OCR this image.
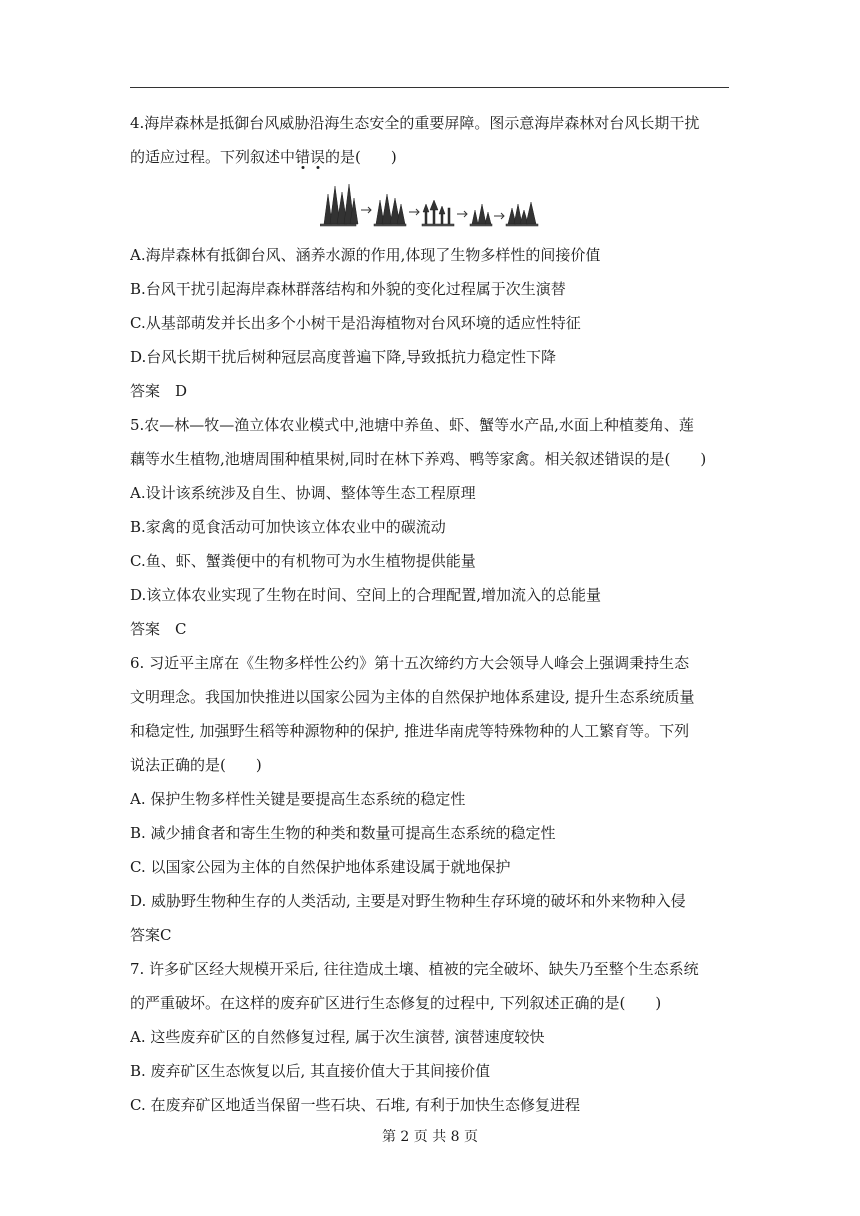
4.海岸森林是抵御台风威胁沿海生态安全的重要屏障。图示意海岸森林对台风长期干扰
的适应过程。下列叙述中错误的是(　　)
A.海岸森林有抵御台风、涵养水源的作用,体现了生物多样性的间接价值
B.台风干扰引起海岸森林群落结构和外貌的变化过程属于次生演替
C.从基部萌发并长出多个小树干是沿海植物对台风环境的适应性特征
D.台风长期干扰后树种冠层高度普遍下降,导致抵抗力稳定性下降
答案　D
5.农—林—牧—渔立体农业模式中,池塘中养鱼、虾、蟹等水产品,水面上种植菱角、莲
藕等水生植物,池塘周围种植果树,同时在林下养鸡、鸭等家禽。相关叙述错误的是(　　)
A.设计该系统涉及自生、协调、整体等生态工程原理
B.家禽的觅食活动可加快该立体农业中的碳流动
C.鱼、虾、蟹粪便中的有机物可为水生植物提供能量
D.该立体农业实现了生物在时间、空间上的合理配置,增加流入的总能量
答案　C
6. 习近平主席在《生物多样性公约》第十五次缔约方大会领导人峰会上强调秉持生态
文明理念。我国加快推进以国家公园为主体的自然保护地体系建设, 提升生态系统质量
和稳定性, 加强野生稻等种源物种的保护, 推进华南虎等特殊物种的人工繁育等。下列
说法正确的是(　　)
A. 保护生物多样性关键是要提高生态系统的稳定性
B. 减少捕食者和寄生生物的种类和数量可提高生态系统的稳定性
C. 以国家公园为主体的自然保护地体系建设属于就地保护
D. 威胁野生物种生存的人类活动, 主要是对野生物种生存环境的破坏和外来物种入侵
答案C
7. 许多矿区经大规模开采后, 往往造成土壤、植被的完全破坏、缺失乃至整个生态系统
的严重破坏。在这样的废弃矿区进行生态修复的过程中, 下列叙述正确的是(　　)
A. 这些废弃矿区的自然修复过程, 属于次生演替, 演替速度较快
B. 废弃矿区生态恢复以后, 其直接价值大于其间接价值
C. 在废弃矿区地适当保留一些石块、石堆, 有利于加快生态修复进程
第 2 页 共 8 页
